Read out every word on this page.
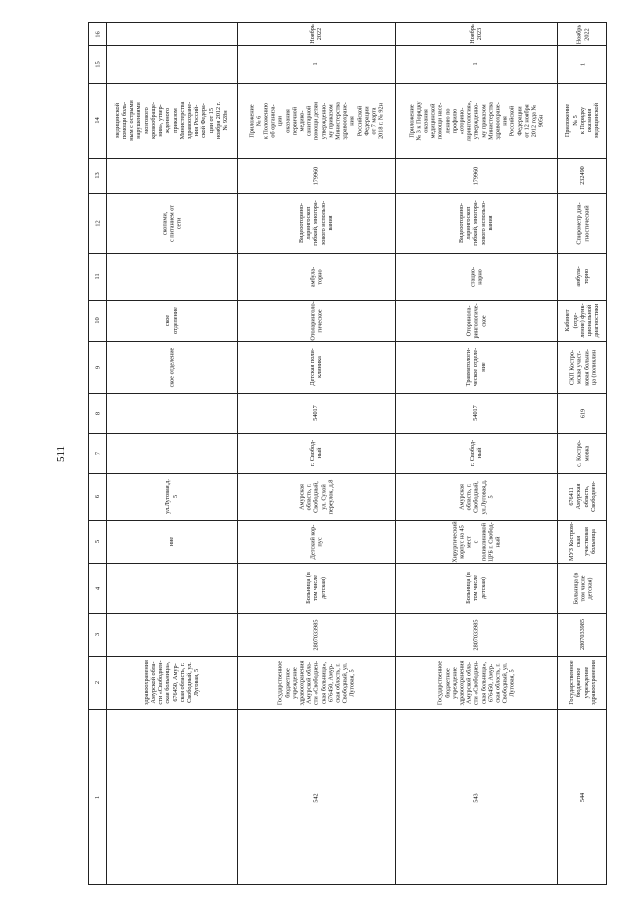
511
16
15
14
13
12
11
10
9
8
7
6
5
4
3
2
1
медицинской
помощи боль-
ным с острыми
нарушениями
мозгового
кровообраще-
ния», утвер-
жденного
приказом
Министерства
здравоохране-
ния Россий-
ской Федера-
ции от 15
ноября 2012 г.
№ 928н
скопами,
с питанием от
сети
ское отделение
ское отделение
ул.Луговая,д.
5
ние
здравоохранения
Амурской обла-
сти «Свободнен-
ская больница»,
676450, Амур-
ская область, г.
Свободный, ул.
Луговая, 5
Ноябрь
2022
1
Приложение
№ 6
к Положению
об организа-
ции
оказания
первичной
медико-
санитарной
помощи детям
утвержденно-
му приказом
Министерства
здравоохране-
ния
Российской
Федерации
от 7 марта
2018 г. № 92н
179960
Видеооторино-
ларингоскоп
гибкий, многора-
зового использо-
вания
амбула-
торно
Отоларинголо-
гическое
Детская поли-
клиника
54017
г. Свобод-
ный
Амурская
область, г.
Свободный,
ул. Сухой
переулок, д.8
Детский кор-
пус
Больница (в
том числе
детская)
2807033985
Государственное
бюджетное
учреждение
здравоохранения
Амурской обла-
сти «Свободнен-
ская больница»,
676450, Амур-
ская область, г.
Свободный, ул.
Луговая, 5
542
Ноябрь
2023
1
Приложение
№ 3 к Порядку
оказания
медицинской
помощи насе-
лению по
профилю
«оторино-
ларингология»,
утвержденно-
му приказом
Министерства
здравоохране-
ния
Российской
Федерации
от 12 ноября
2012 года №
905н
179960
Видеооторино-
ларингоскоп
гибкий, многора-
зового использо-
вания
стацио-
нарно
Оторинола-
рингологиче-
ское
Травматологи-
ческое отделе-
ние
54017
г. Свобод-
ный
Амурская
область, г.
Свободный,
ул.Луговая,д.
5
Хирургический
корпус на 45 мест
с поликлиникой
ЦРБ г. Свобод-
ный
Больница (в
том числе
детская)
2807033985
Государственное
бюджетное
учреждение
здравоохранения
Амурской обла-
сти «Свободнен-
ская больница»,
676450, Амур-
ская область, г.
Свободный, ул.
Луговая, 5
543
Ноябрь
2022
1
Приложение
№ 5
к Порядку
оказания
медицинской
232490
Спирометр диа-
гностический
амбула-
торно
Кабинет (отде-
ление) функ-
циональной
диагностики
СКП Костро-
мская участ-
ковая больни-
ца (поликлин
619
с. Костро-
мовка
676411
Амурская
область,
Свободнен-
МУЗ Костром-
ская участковая
больница
Больница (в
том числе
детская)
2807033985
Государственное
бюджетное
учреждение
здравоохранения
544
